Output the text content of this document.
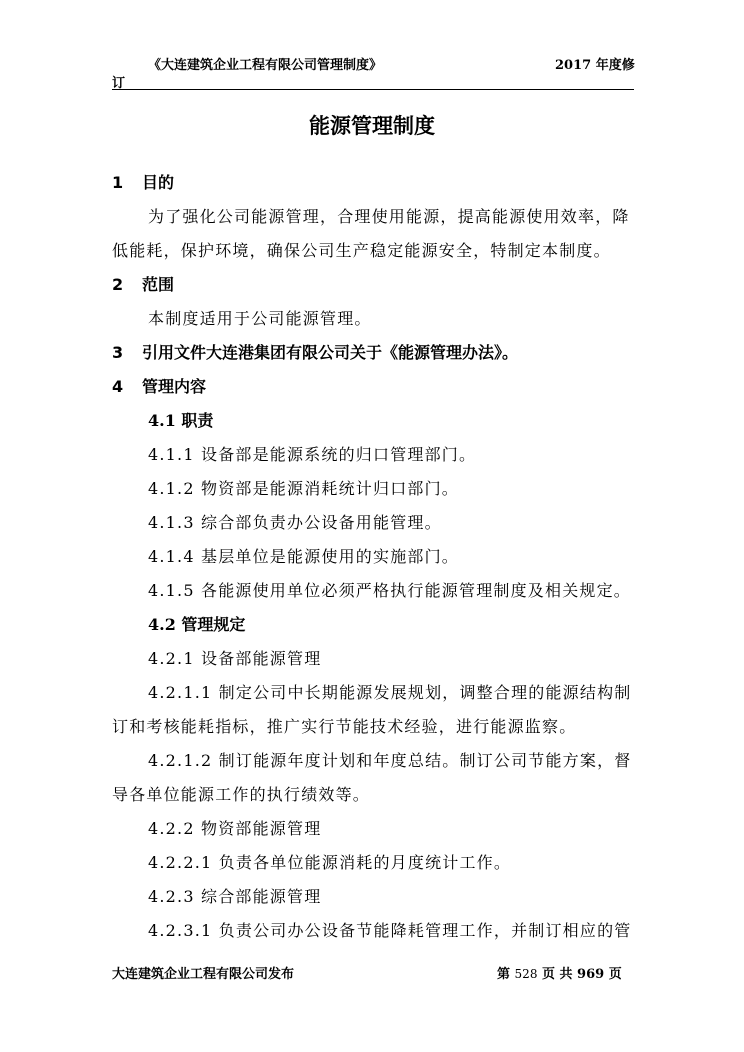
《大连建筑企业工程有限公司管理制度》	2017 年度修
订
能源管理制度
1 目的
为了强化公司能源管理，合理使用能源，提高能源使用效率，降
低能耗，保护环境，确保公司生产稳定能源安全，特制定本制度。
2 范围
本制度适用于公司能源管理。
3 引用文件大连港集团有限公司关于《能源管理办法》。
4 管理内容
4.1 职责
4.1.1 设备部是能源系统的归口管理部门。
4.1.2 物资部是能源消耗统计归口部门。
4.1.3 综合部负责办公设备用能管理。
4.1.4 基层单位是能源使用的实施部门。
4.1.5 各能源使用单位必须严格执行能源管理制度及相关规定。
4.2 管理规定
4.2.1 设备部能源管理
4.2.1.1 制定公司中长期能源发展规划，调整合理的能源结构制
订和考核能耗指标，推广实行节能技术经验，进行能源监察。
4.2.1.2 制订能源年度计划和年度总结。制订公司节能方案，督
导各单位能源工作的执行绩效等。
4.2.2 物资部能源管理
4.2.2.1 负责各单位能源消耗的月度统计工作。
4.2.3 综合部能源管理
4.2.3.1 负责公司办公设备节能降耗管理工作，并制订相应的管
大连建筑企业工程有限公司发布	第 528 页 共 969 页
